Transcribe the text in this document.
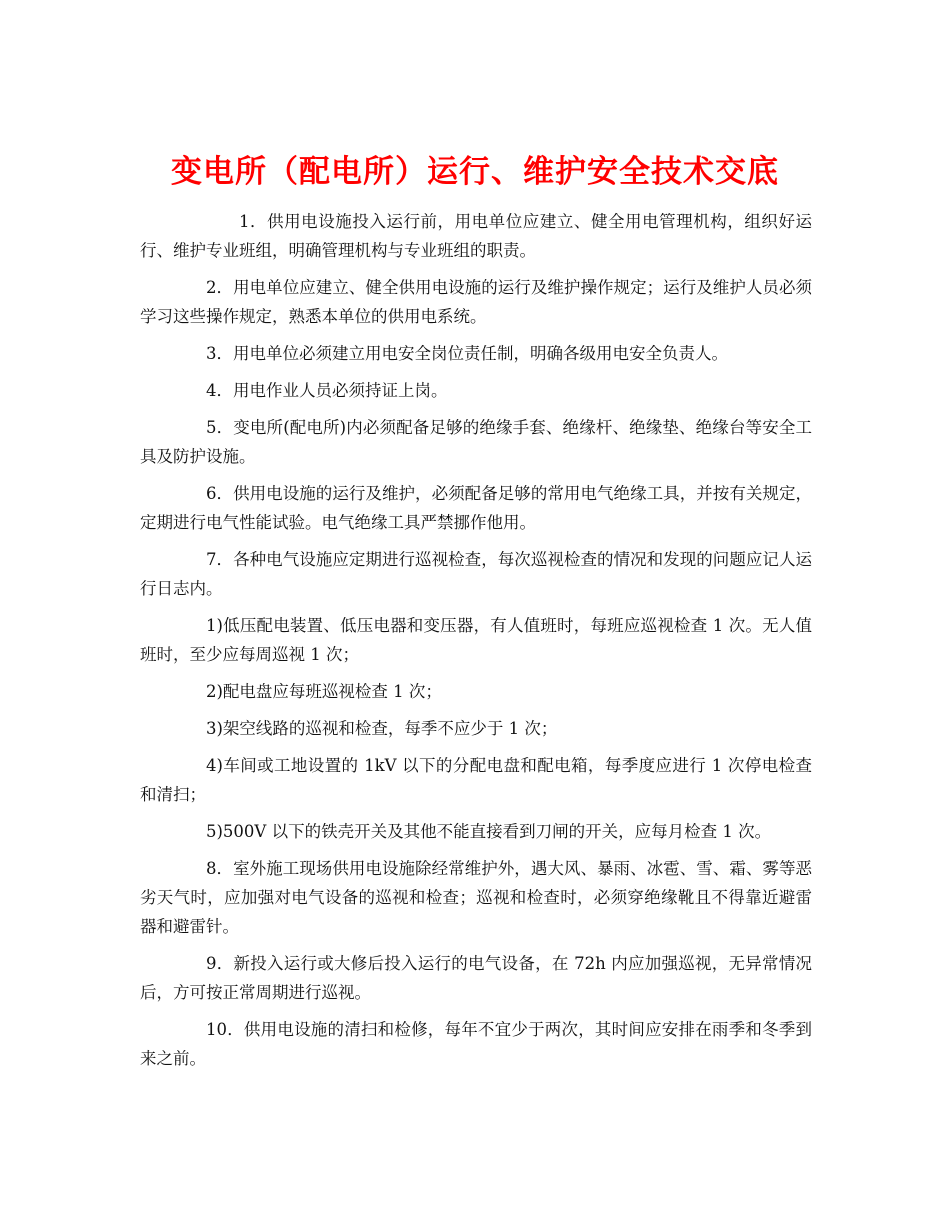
变电所（配电所）运行、维护安全技术交底

1．供用电设施投入运行前，用电单位应建立、健全用电管理机构，组织好运行、维护专业班组，明确管理机构与专业班组的职责。

2．用电单位应建立、健全供用电设施的运行及维护操作规定；运行及维护人员必须学习这些操作规定，熟悉本单位的供用电系统。

3．用电单位必须建立用电安全岗位责任制，明确各级用电安全负责人。

4．用电作业人员必须持证上岗。

5．变电所(配电所)内必须配备足够的绝缘手套、绝缘杆、绝缘垫、绝缘台等安全工具及防护设施。

6．供用电设施的运行及维护，必须配备足够的常用电气绝缘工具，并按有关规定，定期进行电气性能试验。电气绝缘工具严禁挪作他用。

7．各种电气设施应定期进行巡视检查，每次巡视检查的情况和发现的问题应记人运行日志内。

1)低压配电装置、低压电器和变压器，有人值班时，每班应巡视检查 1 次。无人值班时，至少应每周巡视 1 次；

2)配电盘应每班巡视检查 1 次；

3)架空线路的巡视和检查，每季不应少于 1 次；

4)车间或工地设置的 1kV 以下的分配电盘和配电箱，每季度应进行 1 次停电检查和清扫；

5)500V 以下的铁壳开关及其他不能直接看到刀闸的开关，应每月检查 1 次。

8．室外施工现场供用电设施除经常维护外，遇大风、暴雨、冰雹、雪、霜、雾等恶劣天气时，应加强对电气设备的巡视和检查；巡视和检查时，必须穿绝缘靴且不得靠近避雷器和避雷针。

9．新投入运行或大修后投入运行的电气设备，在 72h 内应加强巡视，无异常情况后，方可按正常周期进行巡视。

10．供用电设施的清扫和检修，每年不宜少于两次，其时间应安排在雨季和冬季到来之前。
